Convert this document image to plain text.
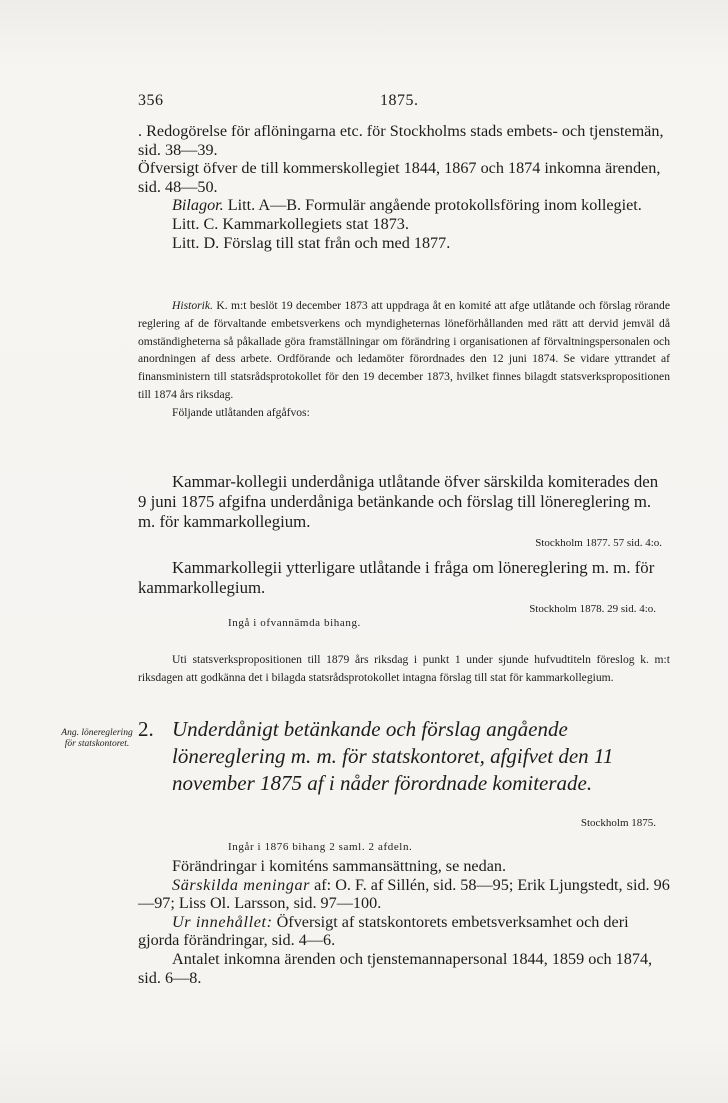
356	1875.

. Redogörelse för aflöningarna etc. för Stockholms stads embets- och tjenstemän, sid. 38—39.

Öfversigt öfver de till kommerskollegiet 1844, 1867 och 1874 inkomna ärenden, sid. 48—50.

Bilagor. Litt. A—B. Formulär angående protokollsföring inom kollegiet.

Litt. C. Kammarkollegiets stat 1873.

Litt. D. Förslag till stat från och med 1877.

Historik. K. m:t beslöt 19 december 1873 att uppdraga åt en komité att afge utlåtande och förslag rörande reglering af de förvaltande embetsverkens och myndigheternas löneförhållanden med rätt att dervid jemväl då omständigheterna så påkallade göra framställningar om förändring i organisationen af förvaltningspersonalen och anordningen af dess arbete. Ordförande och ledamöter förordnades den 12 juni 1874. Se vidare yttrandet af finansministern till statsrådsprotokollet för den 19 december 1873, hvilket finnes bilagdt statsverkspropositionen till 1874 års riksdag.

Följande utlåtanden afgåfvos:

Kammar-kollegii underdåniga utlåtande öfver särskilda komiterades den 9 juni 1875 afgifna underdåniga betänkande och förslag till lönereglering m. m. för kammarkollegium.

Stockholm 1877. 57 sid. 4:o.

Kammarkollegii ytterligare utlåtande i fråga om lönereglering m. m. för kammarkollegium.

Stockholm 1878. 29 sid. 4:o.

Ingå i ofvannämda bihang.

Uti statsverkspropositionen till 1879 års riksdag i punkt 1 under sjunde hufvudtiteln föreslog k. m:t riksdagen att godkänna det i bilagda statsrådsprotokollet intagna förslag till stat för kammarkollegium.

Ang. lönereglering för statskontoret.

2. Underdånigt betänkande och förslag angående lönereglering m. m. för statskontoret, afgifvet den 11 november 1875 af i nåder förordnade komiterade.

Stockholm 1875.

Ingår i 1876 bihang 2 saml. 2 afdeln.

Förändringar i komiténs sammansättning, se nedan.

Särskilda meningar af: O. F. af Sillén, sid. 58—95; Erik Ljungstedt, sid. 96—97; Liss Ol. Larsson, sid. 97—100.

Ur innehållet: Öfversigt af statskontorets embetsverksamhet och deri gjorda förändringar, sid. 4—6.

Antalet inkomna ärenden och tjenstemannapersonal 1844, 1859 och 1874, sid. 6—8.
